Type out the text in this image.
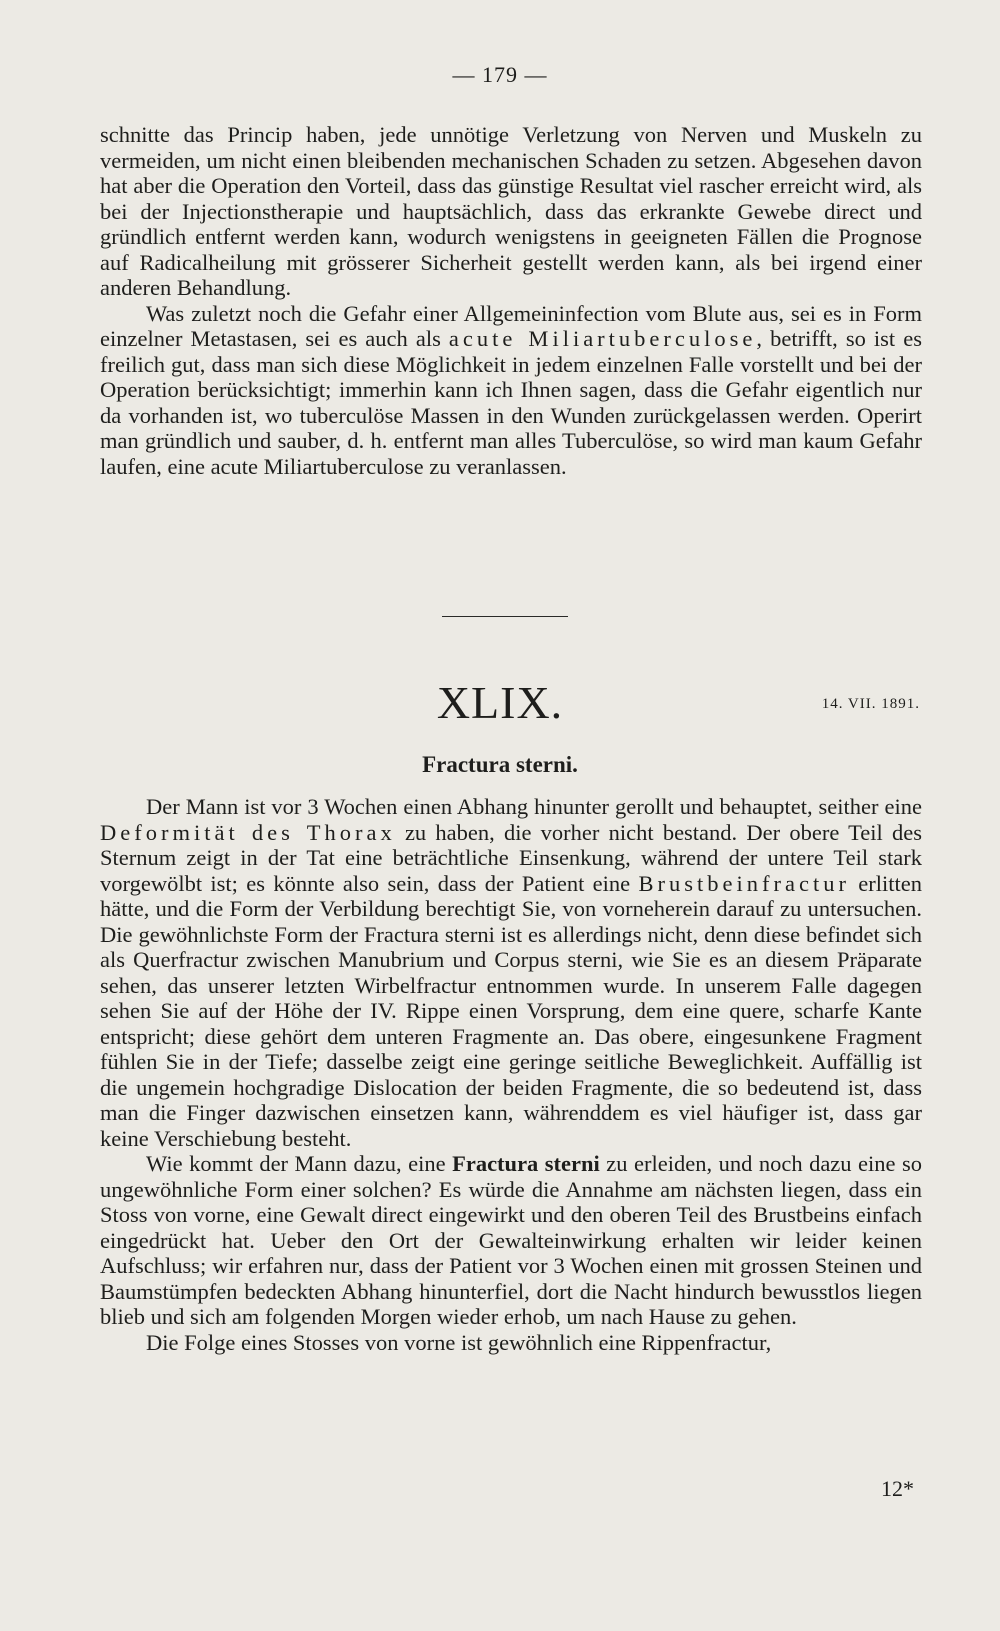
— 179 —

schnitte das Princip haben, jede unnötige Verletzung von Nerven und Muskeln zu vermeiden, um nicht einen bleibenden mechanischen Schaden zu setzen. Abgesehen davon hat aber die Operation den Vorteil, dass das günstige Resultat viel rascher erreicht wird, als bei der Injectionstherapie und hauptsächlich, dass das erkrankte Gewebe direct und gründlich entfernt werden kann, wodurch wenigstens in geeigneten Fällen die Prognose auf Radicalheilung mit grösserer Sicherheit gestellt werden kann, als bei irgend einer anderen Behandlung.

Was zuletzt noch die Gefahr einer Allgemeininfection vom Blute aus, sei es in Form einzelner Metastasen, sei es auch als acute Miliartuberculose, betrifft, so ist es freilich gut, dass man sich diese Möglichkeit in jedem einzelnen Falle vorstellt und bei der Operation berücksichtigt; immerhin kann ich Ihnen sagen, dass die Gefahr eigentlich nur da vorhanden ist, wo tuberculöse Massen in den Wunden zurückgelassen werden. Operirt man gründlich und sauber, d. h. entfernt man alles Tuberculöse, so wird man kaum Gefahr laufen, eine acute Miliartuberculose zu veranlassen.

XLIX.	14. VII. 1891.
Fractura sterni.

Der Mann ist vor 3 Wochen einen Abhang hinunter gerollt und behauptet, seither eine Deformität des Thorax zu haben, die vorher nicht bestand. Der obere Teil des Sternum zeigt in der Tat eine beträchtliche Einsenkung, während der untere Teil stark vorgewölbt ist; es könnte also sein, dass der Patient eine Brustbeinfractur erlitten hätte, und die Form der Verbildung berechtigt Sie, von vorneherein darauf zu untersuchen. Die gewöhnlichste Form der Fractura sterni ist es allerdings nicht, denn diese befindet sich als Querfractur zwischen Manubrium und Corpus sterni, wie Sie es an diesem Präparate sehen, das unserer letzten Wirbelfractur entnommen wurde. In unserem Falle dagegen sehen Sie auf der Höhe der IV. Rippe einen Vorsprung, dem eine quere, scharfe Kante entspricht; diese gehört dem unteren Fragmente an. Das obere, eingesunkene Fragment fühlen Sie in der Tiefe; dasselbe zeigt eine geringe seitliche Beweglichkeit. Auffällig ist die ungemein hochgradige Dislocation der beiden Fragmente, die so bedeutend ist, dass man die Finger dazwischen einsetzen kann, währenddem es viel häufiger ist, dass gar keine Verschiebung besteht.

Wie kommt der Mann dazu, eine Fractura sterni zu erleiden, und noch dazu eine so ungewöhnliche Form einer solchen? Es würde die Annahme am nächsten liegen, dass ein Stoss von vorne, eine Gewalt direct eingewirkt und den oberen Teil des Brustbeins einfach eingedrückt hat. Ueber den Ort der Gewalteinwirkung erhalten wir leider keinen Aufschluss; wir erfahren nur, dass der Patient vor 3 Wochen einen mit grossen Steinen und Baumstümpfen bedeckten Abhang hinunterfiel, dort die Nacht hindurch bewusstlos liegen blieb und sich am folgenden Morgen wieder erhob, um nach Hause zu gehen.

Die Folge eines Stosses von vorne ist gewöhnlich eine Rippenfractur,

12*
